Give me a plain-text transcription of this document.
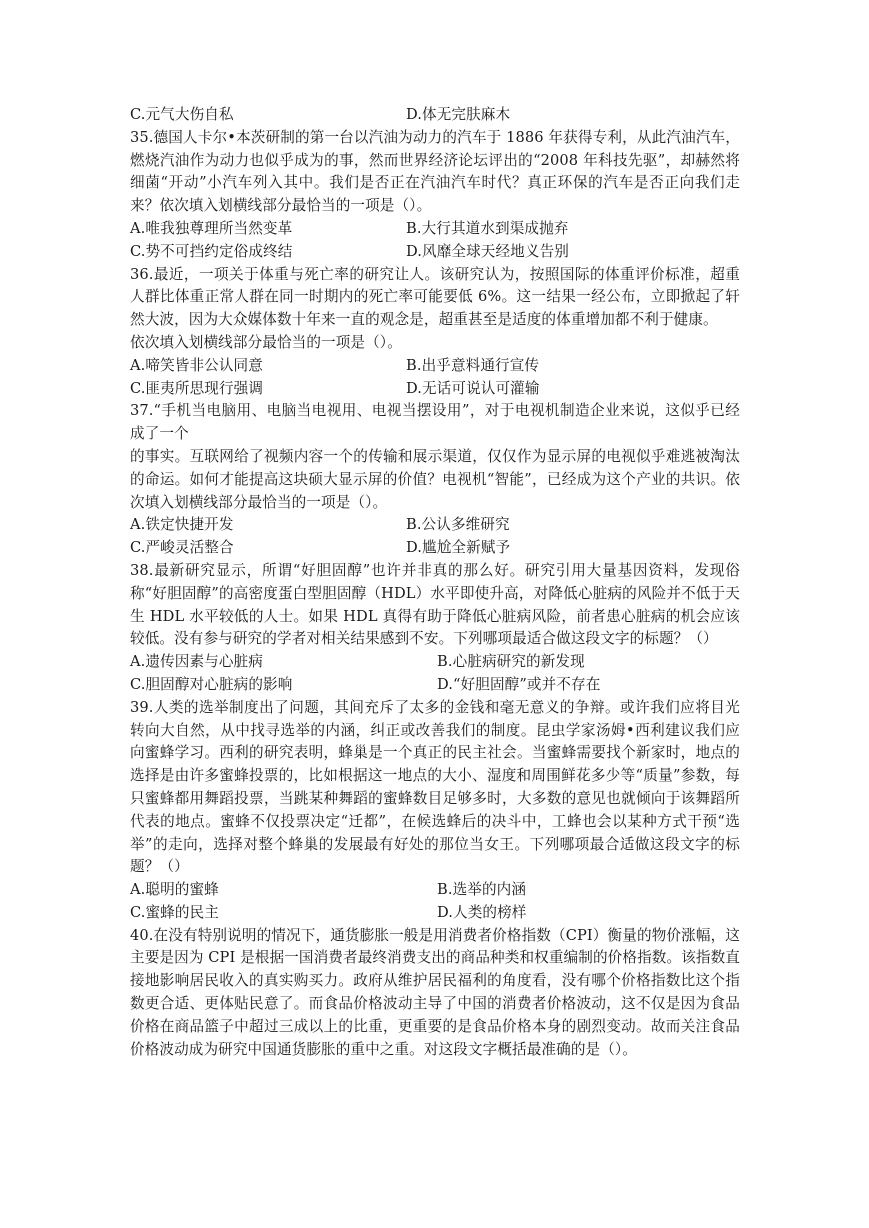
C.元气大伤自私	D.体无完肤麻木

35.德国人卡尔•本茨研制的第一台以汽油为动力的汽车于 1886 年获得专利，从此汽油汽车，燃烧汽油作为动力也似乎成为的事，然而世界经济论坛评出的“2008 年科技先驱”，却赫然将细菌“开动”小汽车列入其中。我们是否正在汽油汽车时代？真正环保的汽车是否正向我们走来？依次填入划横线部分最恰当的一项是（）。

A.唯我独尊理所当然变革	B.大行其道水到渠成抛弃
C.势不可挡约定俗成终结	D.风靡全球天经地义告别

36.最近，一项关于体重与死亡率的研究让人。该研究认为，按照国际的体重评价标准，超重人群比体重正常人群在同一时期内的死亡率可能要低 6%。这一结果一经公布，立即掀起了轩然大波，因为大众媒体数十年来一直的观念是，超重甚至是适度的体重增加都不利于健康。

依次填入划横线部分最恰当的一项是（）。

A.啼笑皆非公认同意	B.出乎意料通行宣传
C.匪夷所思现行强调	D.无话可说认可灌输

37.“手机当电脑用、电脑当电视用、电视当摆设用”，对于电视机制造企业来说，这似乎已经成了一个

的事实。互联网给了视频内容一个的传输和展示渠道，仅仅作为显示屏的电视似乎难逃被淘汰的命运。如何才能提高这块硕大显示屏的价值？电视机“智能”，已经成为这个产业的共识。依次填入划横线部分最恰当的一项是（）。

A.铁定快捷开发	B.公认多维研究
C.严峻灵活整合	D.尴尬全新赋予

38.最新研究显示，所谓“好胆固醇”也许并非真的那么好。研究引用大量基因资料，发现俗称“好胆固醇”的高密度蛋白型胆固醇（HDL）水平即使升高，对降低心脏病的风险并不低于天生 HDL 水平较低的人士。如果 HDL 真得有助于降低心脏病风险，前者患心脏病的机会应该较低。没有参与研究的学者对相关结果感到不安。下列哪项最适合做这段文字的标题？（）

A.遗传因素与心脏病	B.心脏病研究的新发现
C.胆固醇对心脏病的影响	D.“好胆固醇”或并不存在

39.人类的选举制度出了问题，其间充斥了太多的金钱和毫无意义的争辩。或许我们应将目光转向大自然，从中找寻选举的内涵，纠正或改善我们的制度。昆虫学家汤姆•西利建议我们应向蜜蜂学习。西利的研究表明，蜂巢是一个真正的民主社会。当蜜蜂需要找个新家时，地点的选择是由许多蜜蜂投票的，比如根据这一地点的大小、湿度和周围鲜花多少等“质量”参数，每只蜜蜂都用舞蹈投票，当跳某种舞蹈的蜜蜂数目足够多时，大多数的意见也就倾向于该舞蹈所代表的地点。蜜蜂不仅投票决定“迁都”，在候选蜂后的决斗中，工蜂也会以某种方式干预“选举”的走向，选择对整个蜂巢的发展最有好处的那位当女王。下列哪项最合适做这段文字的标题？（）

A.聪明的蜜蜂	B.选举的内涵
C.蜜蜂的民主	D.人类的榜样

40.在没有特别说明的情况下，通货膨胀一般是用消费者价格指数（CPI）衡量的物价涨幅，这主要是因为 CPI 是根据一国消费者最终消费支出的商品种类和权重编制的价格指数。该指数直接地影响居民收入的真实购买力。政府从维护居民福利的角度看，没有哪个价格指数比这个指数更合适、更体贴民意了。而食品价格波动主导了中国的消费者价格波动，这不仅是因为食品价格在商品篮子中超过三成以上的比重，更重要的是食品价格本身的剧烈变动。故而关注食品价格波动成为研究中国通货膨胀的重中之重。对这段文字概括最准确的是（）。
